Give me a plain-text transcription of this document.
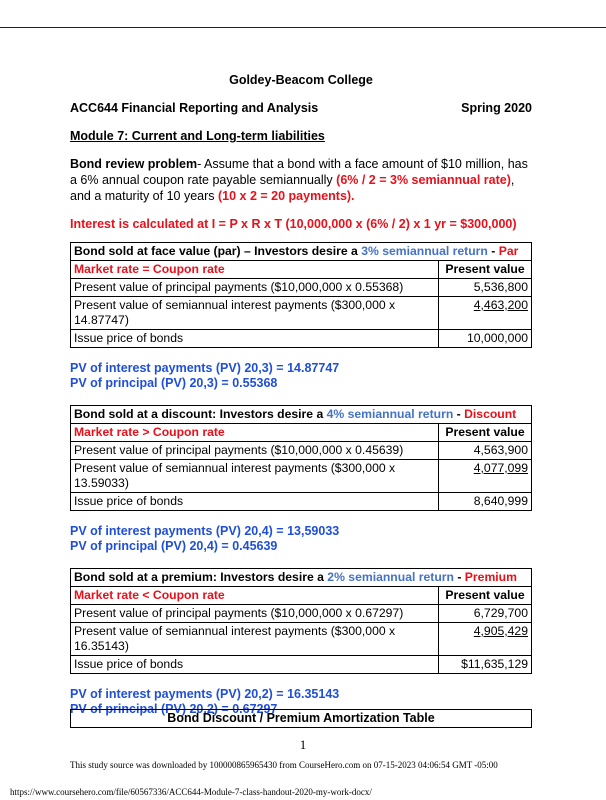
Goldey-Beacom College
ACC644 Financial Reporting and Analysis	Spring 2020
Module 7: Current and Long-term liabilities

Bond review problem- Assume that a bond with a face amount of $10 million, has a 6% annual coupon rate payable semiannually (6% / 2 = 3% semiannual rate), and a maturity of 10 years (10 x 2 = 20 payments).

Interest is calculated at I = P x R x T (10,000,000 x (6% / 2) x 1 yr = $300,000)

Bond sold at face value (par) – Investors desire a 3% semiannual return - Par	
Market rate = Coupon rate	Present value
Present value of principal payments ($10,000,000 x 0.55368)	5,536,800
Present value of semiannual interest payments ($300,000 x 14.87747)	4,463,200
Issue price of bonds	10,000,000
PV of interest payments (PV) 20,3) = 14.87747
PV of principal (PV) 20,3) = 0.55368
Bond sold at a discount: Investors desire a 4% semiannual return - Discount	
Market rate > Coupon rate	Present value
Present value of principal payments ($10,000,000 x 0.45639)	4,563,900
Present value of semiannual interest payments ($300,000 x 13.59033)	4,077,099
Issue price of bonds	8,640,999
PV of interest payments (PV) 20,4) = 13,59033
PV of principal (PV) 20,4) = 0.45639
Bond sold at a premium: Investors desire a 2% semiannual return - Premium	
Market rate < Coupon rate	Present value
Present value of principal payments ($10,000,000 x 0.67297)	6,729,700
Present value of semiannual interest payments ($300,000 x 16.35143)	4,905,429
Issue price of bonds	$11,635,129
PV of interest payments (PV) 20,2) = 16.35143
PV of principal (PV) 20,2) = 0.67297
Bond Discount / Premium Amortization Table
1
This study source was downloaded by 100000865965430 from CourseHero.com on 07-15-2023 04:06:54 GMT -05:00
https://www.coursehero.com/file/60567336/ACC644-Module-7-class-handout-2020-my-work-docx/
